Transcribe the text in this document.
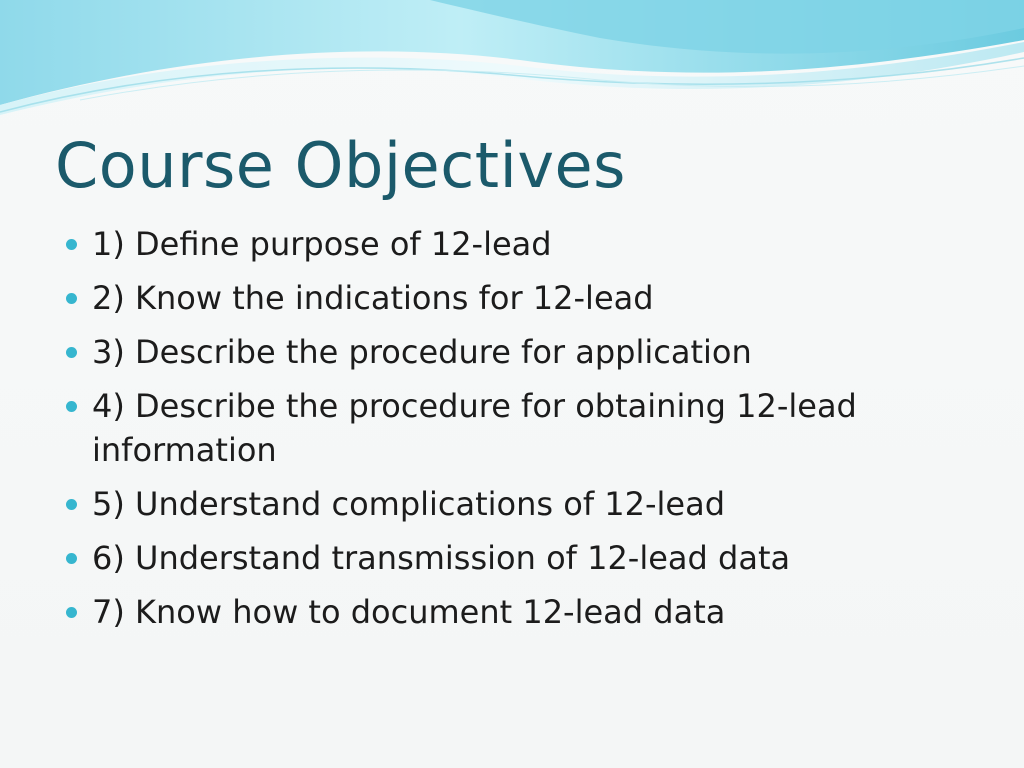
Course Objectives
1) Define purpose of 12-lead
2) Know the indications for 12-lead
3) Describe the procedure for application
4) Describe the procedure for obtaining 12-lead information
5) Understand complications of 12-lead
6) Understand transmission of 12-lead data
7) Know how to document 12-lead data
